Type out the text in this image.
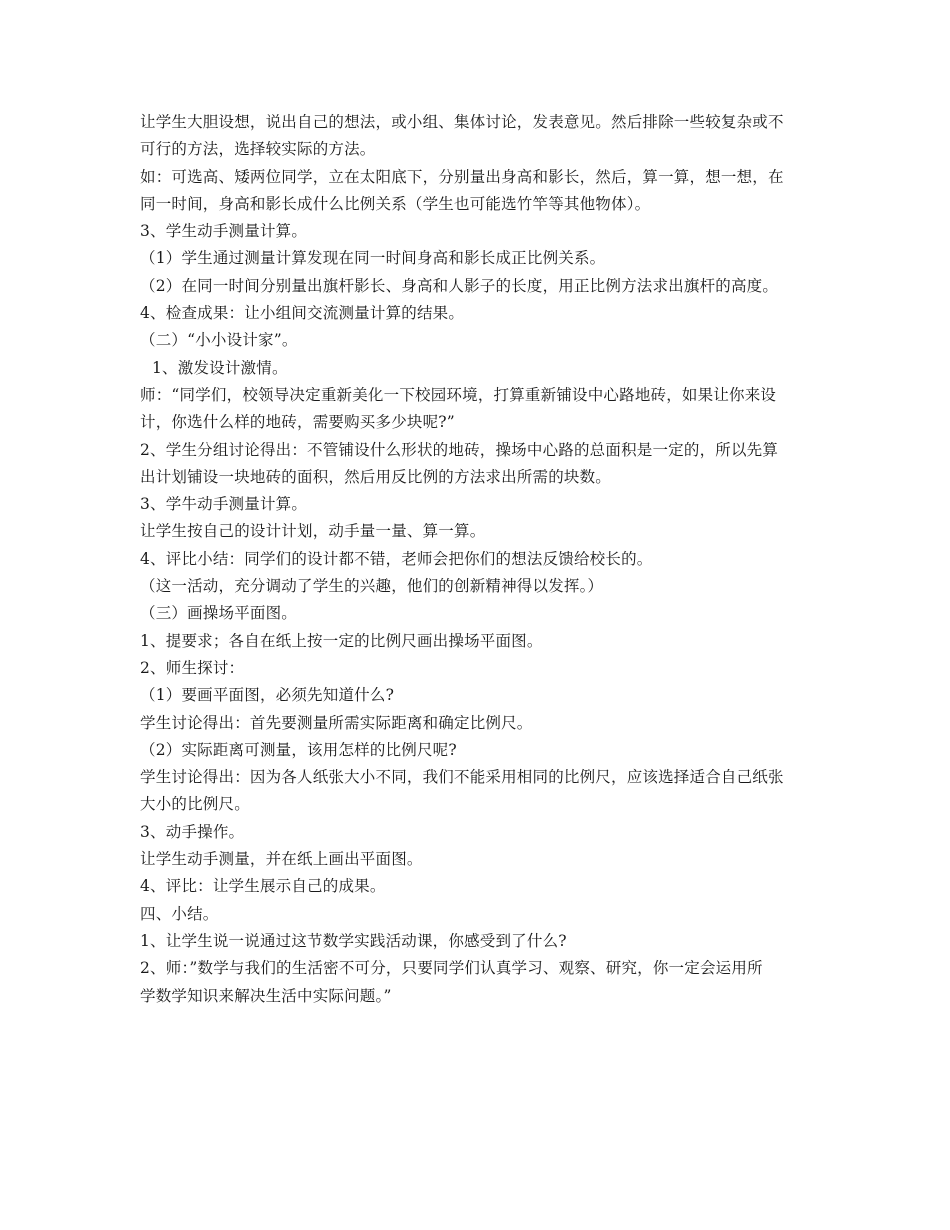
让学生大胆设想，说出自己的想法，或小组、集体讨论，发表意见。然后排除一些较复杂或不
可行的方法，选择较实际的方法。
如：可选高、矮两位同学，立在太阳底下，分别量出身高和影长，然后，算一算，想一想，在
同一时间，身高和影长成什么比例关系（学生也可能选竹竿等其他物体）。
3、学生动手测量计算。
（1）学生通过测量计算发现在同一时间身高和影长成正比例关系。
（2）在同一时间分别量出旗杆影长、身高和人影子的长度，用正比例方法求出旗杆的高度。
4、检查成果：让小组间交流测量计算的结果。
（二）“小小设计家”。
1、激发设计激情。
师：“同学们，校领导决定重新美化一下校园环境，打算重新铺设中心路地砖，如果让你来设
计，你选什么样的地砖，需要购买多少块呢?”
2、学生分组讨论得出：不管铺设什么形状的地砖，操场中心路的总面积是一定的，所以先算
出计划铺设一块地砖的面积，然后用反比例的方法求出所需的块数。
3、学牛动手测量计算。
让学生按自己的设计计划，动手量一量、算一算。
4、评比小结：同学们的设计都不错，老师会把你们的想法反馈给校长的。
（这一活动，充分调动了学生的兴趣，他们的创新精神得以发挥。）
（三）画操场平面图。
1、提要求；各自在纸上按一定的比例尺画出操场平面图。
2、师生探讨：
（1）要画平面图，必须先知道什么?
学生讨论得出：首先要测量所需实际距离和确定比例尺。
（2）实际距离可测量，该用怎样的比例尺呢?
学生讨论得出：因为各人纸张大小不同，我们不能采用相同的比例尺，应该选择适合自己纸张
大小的比例尺。
3、动手操作。
让学生动手测量，并在纸上画出平面图。
4、评比：让学生展示自己的成果。
四、小结。
1、让学生说一说通过这节数学实践活动课，你感受到了什么?
2、师：”数学与我们的生活密不可分，只要同学们认真学习、观察、研究，你一定会运用所
学数学知识来解决生活中实际问题。”
